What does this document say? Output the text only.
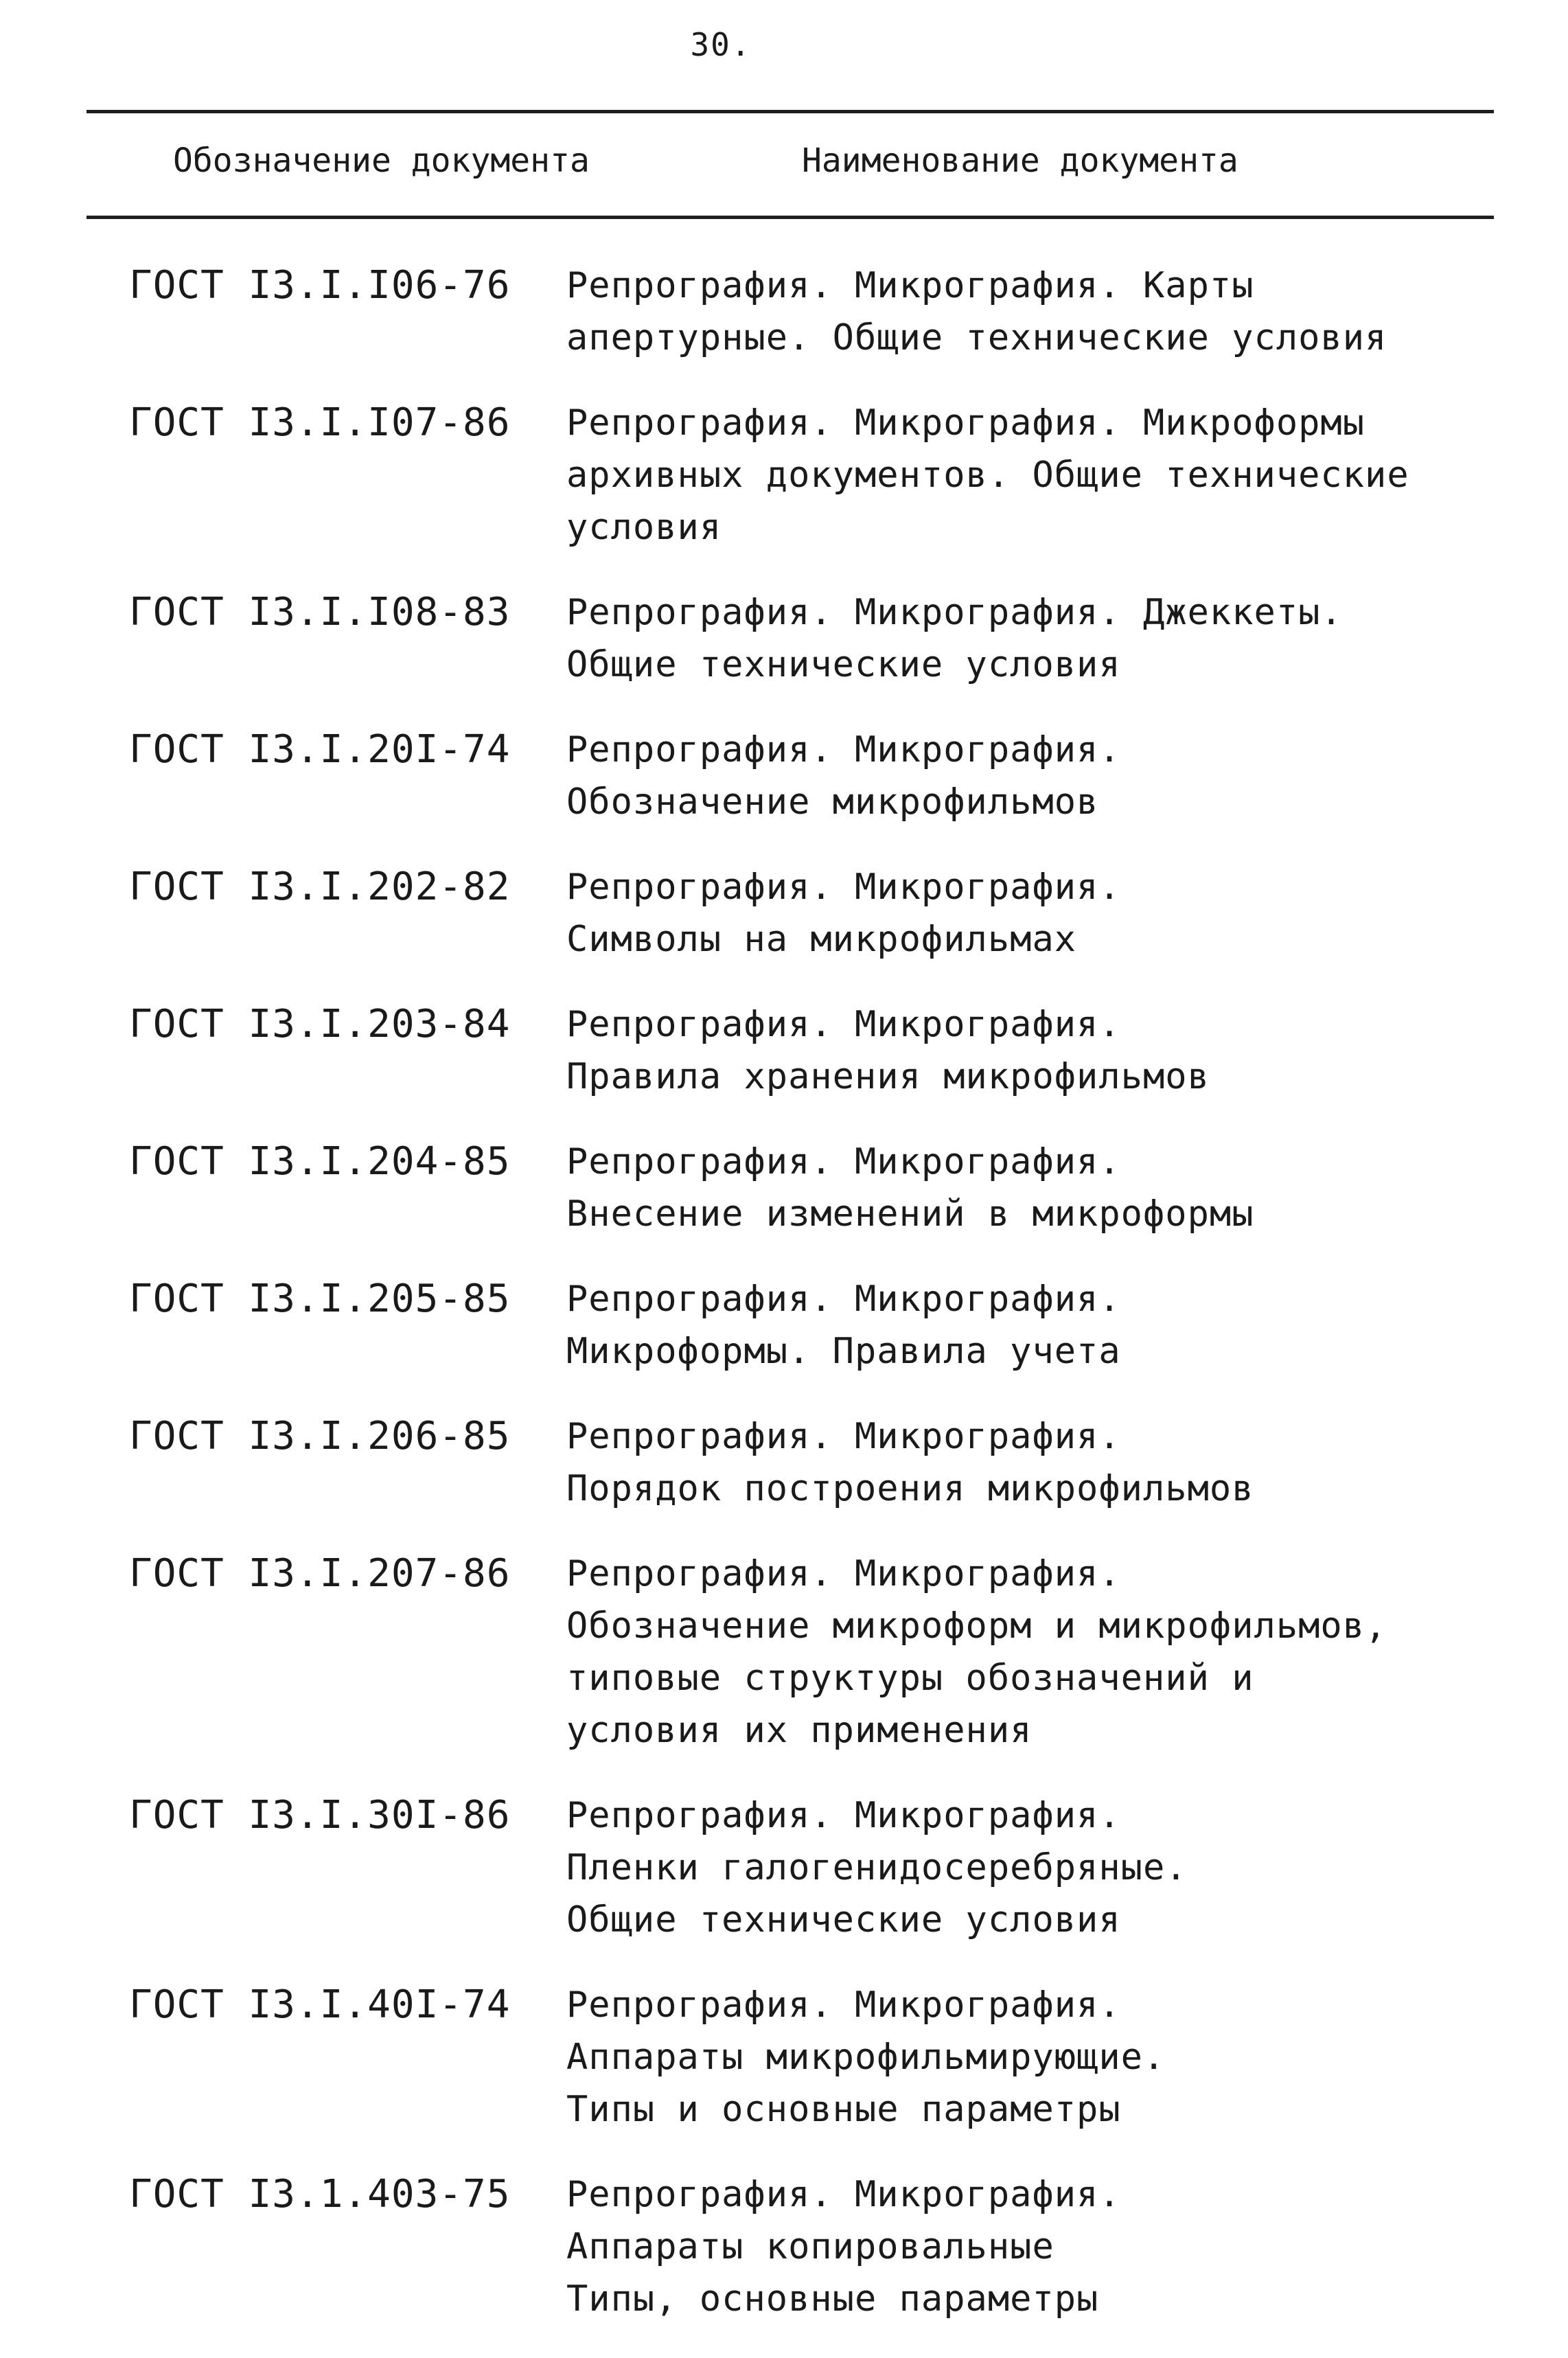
30.
Обозначение документа	Наименование документа
ГОСТ I3.I.I06-76	Репрография. Микрография. Карты
апертурные. Общие технические условия
ГОСТ I3.I.I07-86	Репрография. Микрография. Микроформы
архивных документов. Общие технические
условия
ГОСТ I3.I.I08-83	Репрография. Микрография. Джеккеты.
Общие технические условия
ГОСТ I3.I.20I-74	Репрография. Микрография.
Обозначение микрофильмов
ГОСТ I3.I.202-82	Репрография. Микрография.
Символы на микрофильмах
ГОСТ I3.I.203-84	Репрография. Микрография.
Правила хранения микрофильмов
ГОСТ I3.I.204-85	Репрография. Микрография.
Внесение изменений в микроформы
ГОСТ I3.I.205-85	Репрография. Микрография.
Микроформы. Правила учета
ГОСТ I3.I.206-85	Репрография. Микрография.
Порядок построения микрофильмов
ГОСТ I3.I.207-86	Репрография. Микрография.
Обозначение микроформ и микрофильмов,
типовые структуры обозначений и
условия их применения
ГОСТ I3.I.30I-86	Репрография. Микрография.
Пленки галогенидосеребряные.
Общие технические условия
ГОСТ I3.I.40I-74	Репрография. Микрография.
Аппараты микрофильмирующие.
Типы и основные параметры
ГОСТ I3.1.403-75	Репрография. Микрография.
Аппараты копировальные
Типы, основные параметры
